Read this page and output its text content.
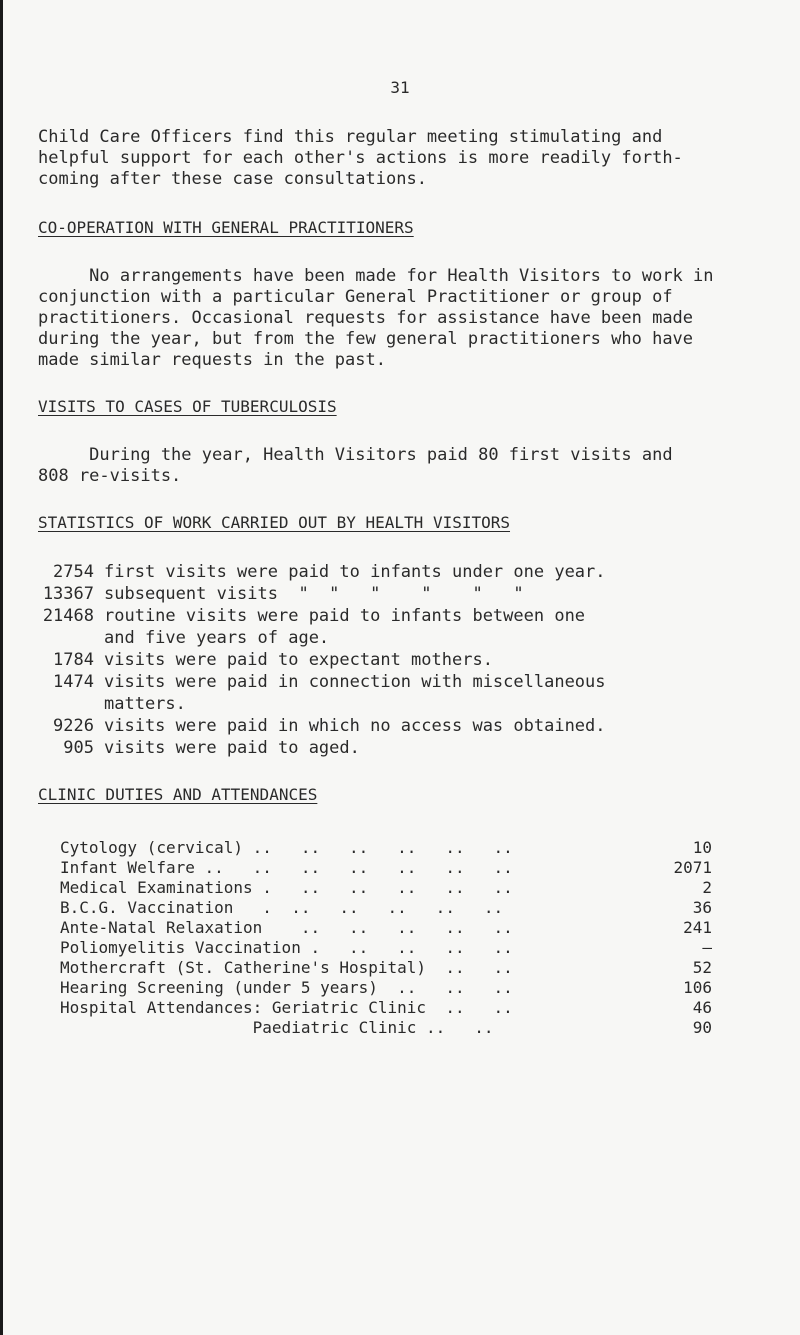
31
Child Care Officers find this regular meeting stimulating and
helpful support for each other's actions is more readily forth-
coming after these case consultations.
CO-OPERATION WITH GENERAL PRACTITIONERS
No arrangements have been made for Health Visitors to work in
conjunction with a particular General Practitioner or group of
practitioners. Occasional requests for assistance have been made
during the year, but from the few general practitioners who have
made similar requests in the past.
VISITS TO CASES OF TUBERCULOSIS
During the year, Health Visitors paid 80 first visits and
808 re-visits.
STATISTICS OF WORK CARRIED OUT BY HEALTH VISITORS
2754 first visits were paid to infants under one year.
13367 subsequent visits  "  "   "    "    "   "
21468 routine visits were paid to infants between one
and five years of age.
1784 visits were paid to expectant mothers.
1474 visits were paid in connection with miscellaneous
matters.
9226 visits were paid in which no access was obtained.
905 visits were paid to aged.
CLINIC DUTIES AND ATTENDANCES
Cytology (cervical) ..   ..   ..   ..   ..   ..	10
Infant Welfare ..   ..   ..   ..   ..   ..   ..	2071
Medical Examinations .   ..   ..   ..   ..   ..	2
B.C.G. Vaccination   .  ..   ..   ..   ..   ..	36
Ante-Natal Relaxation    ..   ..   ..   ..   ..	241
Poliomyelitis Vaccination .   ..   ..   ..   ..	–
Mothercraft (St. Catherine's Hospital)  ..   ..	52
Hearing Screening (under 5 years)  ..   ..   ..	106
Hospital Attendances: Geriatric Clinic  ..   ..	46
Paediatric Clinic ..   ..	90
